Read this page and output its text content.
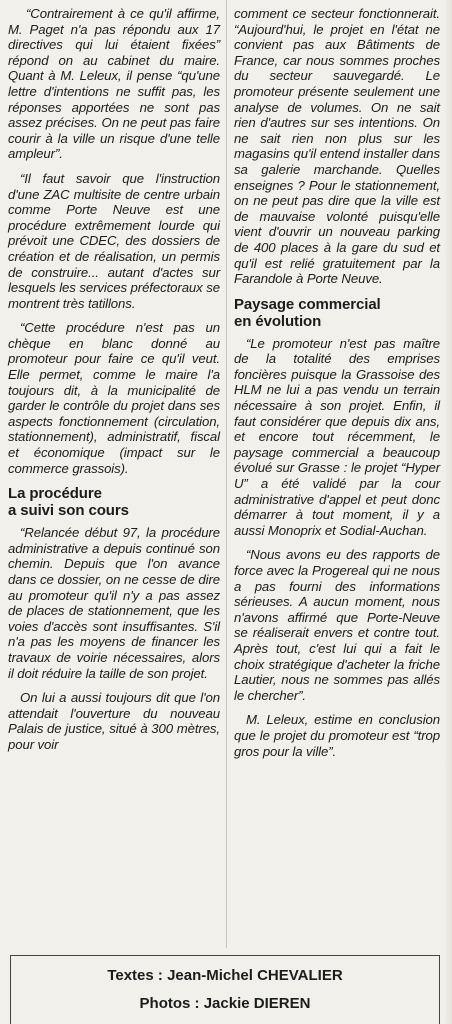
“Contrairement à ce qu'il affirme, M. Paget n'a pas répondu aux 17 directives qui lui étaient fixées” répond on au cabinet du maire. Quant à M. Leleux, il pense “qu'une lettre d'intentions ne suffit pas, les réponses apportées ne sont pas assez précises. On ne peut pas faire courir à la ville un risque d'une telle ampleur”.

“Il faut savoir que l'instruction d'une ZAC multisite de centre urbain comme Porte Neuve est une procédure extrêmement lourde qui prévoit une CDEC, des dossiers de création et de réalisation, un permis de construire... autant d'actes sur lesquels les services préfectoraux se montrent très tatillons.

“Cette procédure n'est pas un chèque en blanc donné au promoteur pour faire ce qu'il veut. Elle permet, comme le maire l'a toujours dit, à la municipalité de garder le contrôle du projet dans ses aspects fonctionnement (circulation, stationnement), administratif, fiscal et économique (impact sur le commerce grassois).

La procédure
a suivi son cours

“Relancée début 97, la procédure administrative a depuis continué son chemin. Depuis que l'on avance dans ce dossier, on ne cesse de dire au promoteur qu'il n'y a pas assez de places de stationnement, que les voies d'accès sont insuffisantes. S'il n'a pas les moyens de financer les travaux de voirie nécessaires, alors il doit réduire la taille de son projet.

On lui a aussi toujours dit que l'on attendait l'ouverture du nouveau Palais de justice, situé à 300 mètres, pour voir

comment ce secteur fonctionnerait. “Aujourd'hui, le projet en l'état ne convient pas aux Bâtiments de France, car nous sommes proches du secteur sauvegardé. Le promoteur présente seulement une analyse de volumes. On ne sait rien d'autres sur ses intentions. On ne sait rien non plus sur les magasins qu'il entend installer dans sa galerie marchande. Quelles enseignes ? Pour le stationnement, on ne peut pas dire que la ville est de mauvaise volonté puisqu'elle vient d'ouvrir un nouveau parking de 400 places à la gare du sud et qu'il est relié gratuitement par la Farandole à Porte Neuve.

Paysage commercial
en évolution

“Le promoteur n'est pas maître de la totalité des emprises foncières puisque la Grassoise des HLM ne lui a pas vendu un terrain nécessaire à son projet. Enfin, il faut considérer que depuis dix ans, et encore tout récemment, le paysage commercial a beaucoup évolué sur Grasse : le projet “Hyper U” a été validé par la cour administrative d'appel et peut donc démarrer à tout moment, il y a aussi Monoprix et Sodial-Auchan.

“Nous avons eu des rapports de force avec la Progereal qui ne nous a pas fourni des informations sérieuses. A aucun moment, nous n'avons affirmé que Porte-Neuve se réaliserait envers et contre tout. Après tout, c'est lui qui a fait le choix stratégique d'acheter la friche Lautier, nous ne sommes pas allés le chercher”.

M. Leleux, estime en conclusion que le projet du promoteur est “trop gros pour la ville”.

Textes : Jean-Michel CHEVALIER
Photos : Jackie DIEREN
